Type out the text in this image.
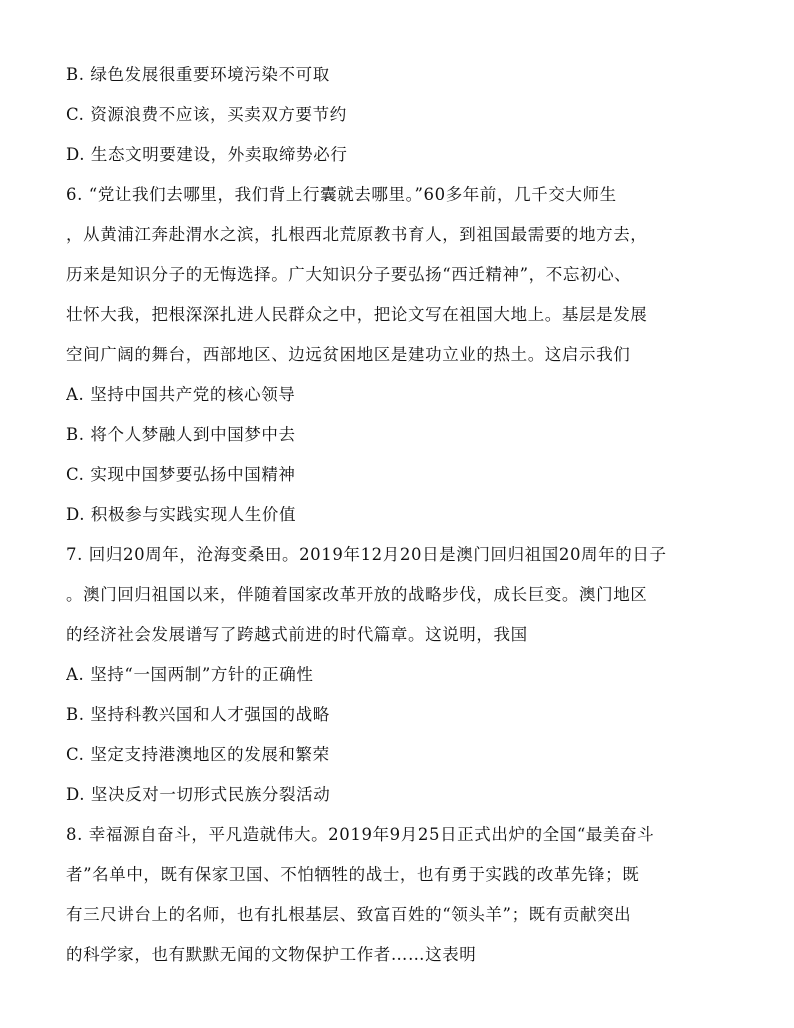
B. 绿色发展很重要环境污染不可取
C. 资源浪费不应该，买卖双方要节约
D. 生态文明要建设，外卖取缔势必行
6. “党让我们去哪里，我们背上行囊就去哪里。”60多年前，几千交大师生
，从黄浦江奔赴渭水之滨，扎根西北荒原教书育人，到祖国最需要的地方去，
历来是知识分子的无悔选择。广大知识分子要弘扬“西迁精神”，不忘初心、
壮怀大我，把根深深扎进人民群众之中，把论文写在祖国大地上。基层是发展
空间广阔的舞台，西部地区、边远贫困地区是建功立业的热土。这启示我们
A. 坚持中国共产党的核心领导
B. 将个人梦融人到中国梦中去
C. 实现中国梦要弘扬中国精神
D. 积极参与实践实现人生价值
7. 回归20周年，沧海变桑田。2019年12月20日是澳门回归祖国20周年的日子
。澳门回归祖国以来，伴随着国家改革开放的战略步伐，成长巨变。澳门地区
的经济社会发展谱写了跨越式前进的时代篇章。这说明，我国
A. 坚持“一国两制”方针的正确性
B. 坚持科教兴国和人才强国的战略
C. 坚定支持港澳地区的发展和繁荣
D. 坚决反对一切形式民族分裂活动
8. 幸福源自奋斗，平凡造就伟大。2019年9月25日正式出炉的全国“最美奋斗
者”名单中，既有保家卫国、不怕牺牲的战士，也有勇于实践的改革先锋；既
有三尺讲台上的名师，也有扎根基层、致富百姓的“领头羊”；既有贡献突出
的科学家，也有默默无闻的文物保护工作者……这表明
